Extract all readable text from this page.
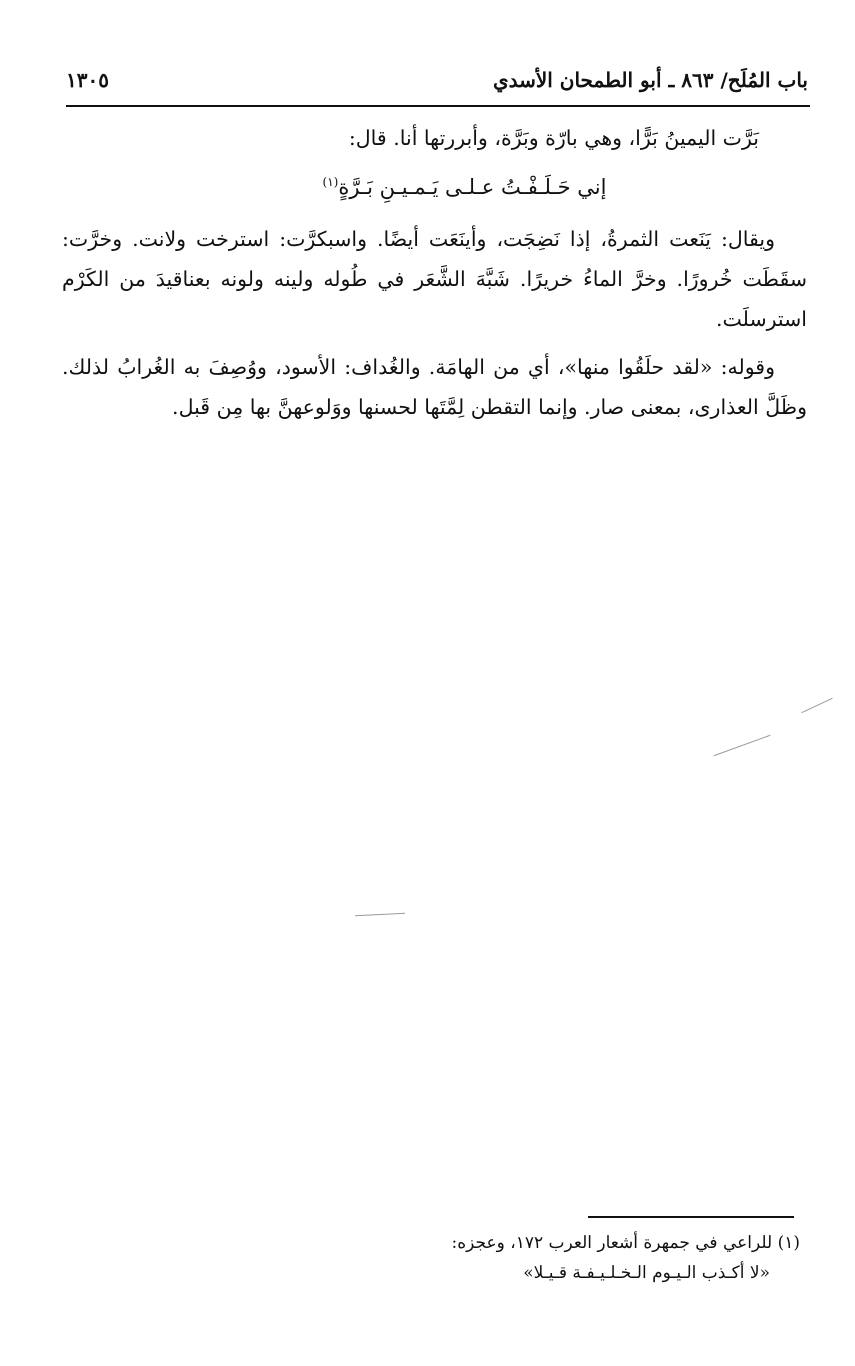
باب المُلَح/ ٨٦٣ ـ أبو الطمحان الأسدي
١٣٠٥

بَرَّت اليمينُ بَرًّا، وهي بارّة وبَرَّة، وأبررتها أنا. قال:

إني حَـلَـفْـتُ عـلـى يَـمـيـنِ بَـرَّةٍ$^{(١)}$

ويقال: يَنَعت الثمرةُ، إذا نَضِجَت، وأينَعَت أيضًا. واسبكرَّت: استرخت ولانت. وخرَّت: سقَطَت خُرورًا. وخرَّ الماءُ خريرًا. شَبَّهَ الشَّعَر في طُوله ولينه ولونه بعناقيدَ من الكَرْم استرسلَت.

وقوله: «لقد حلَقُوا منها»، أي من الهامَة. والغُداف: الأسود، ووُصِفَ به الغُرابُ لذلك. وظَلَّ العذارى، بمعنى صار. وإنما التقطن لِمَّتَها لحسنها ووَلوعهنَّ بها مِن قَبل.

(١) للراعي في جمهرة أشعار العرب ١٧٢، وعجزه:
«لا أكـذب الـيـوم الـخـلـيـفـة قـيـلا»
